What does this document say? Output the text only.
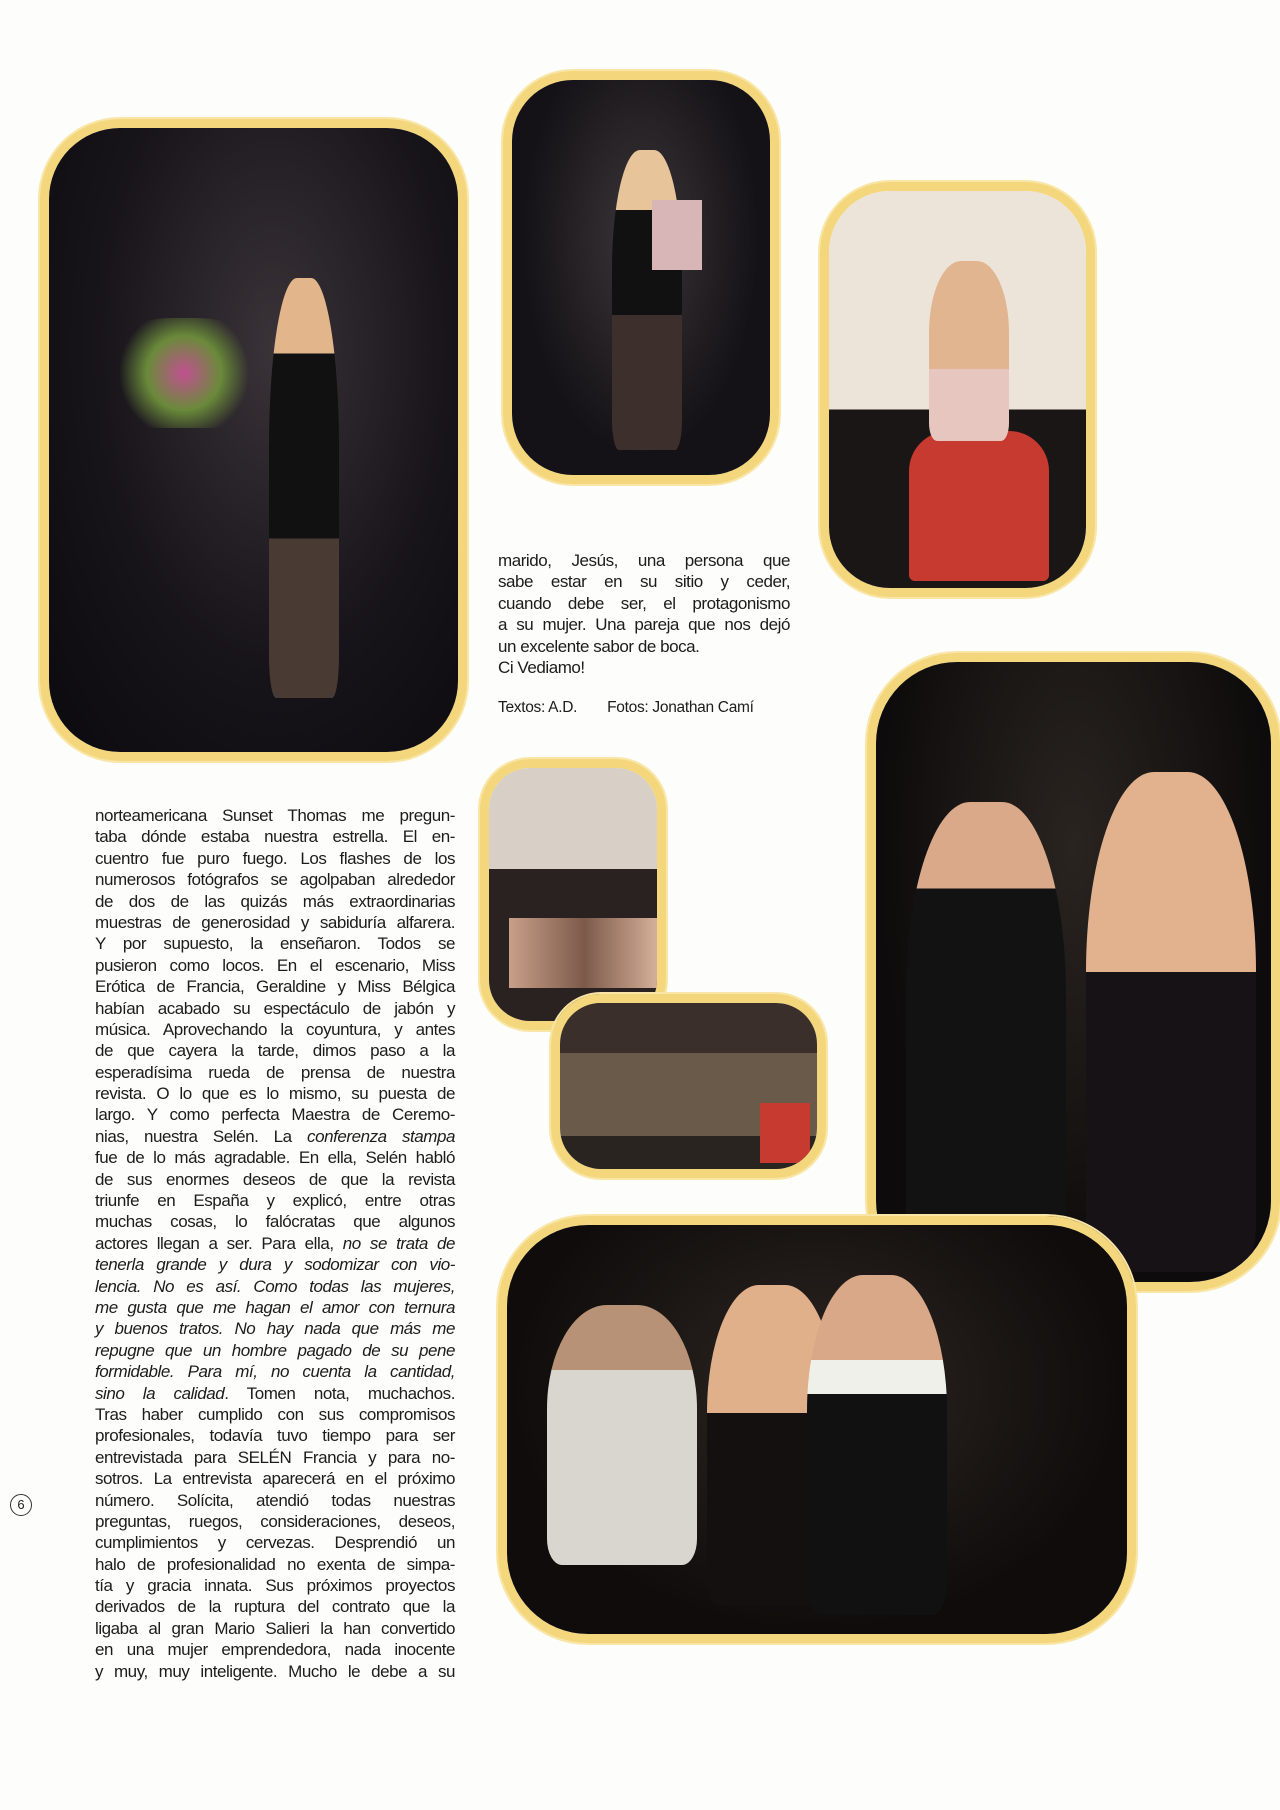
norteamericana Sunset Thomas me pregun-
taba dónde estaba nuestra estrella. El en-
cuentro fue puro fuego. Los flashes de los
numerosos fotógrafos se agolpaban alrededor
de dos de las quizás más extraordinarias
muestras de generosidad y sabiduría alfarera.
Y por supuesto, la enseñaron. Todos se
pusieron como locos. En el escenario, Miss
Erótica de Francia, Geraldine y Miss Bélgica
habían acabado su espectáculo de jabón y
música. Aprovechando la coyuntura, y antes
de que cayera la tarde, dimos paso a la
esperadísima rueda de prensa de nuestra
revista. O lo que es lo mismo, su puesta de
largo. Y como perfecta Maestra de Ceremo-
nias, nuestra Selén. La conferenza stampa
fue de lo más agradable. En ella, Selén habló
de sus enormes deseos de que la revista
triunfe en España y explicó, entre otras
muchas cosas, lo falócratas que algunos
actores llegan a ser. Para ella, no se trata de
tenerla grande y dura y sodomizar con vio-
lencia. No es así. Como todas las mujeres,
me gusta que me hagan el amor con ternura
y buenos tratos. No hay nada que más me
repugne que un hombre pagado de su pene
formidable. Para mí, no cuenta la cantidad,
sino la calidad. Tomen nota, muchachos.
Tras haber cumplido con sus compromisos
profesionales, todavía tuvo tiempo para ser
entrevistada para SELÉN Francia y para no-
sotros. La entrevista aparecerá en el próximo
número. Solícita, atendió todas nuestras
preguntas, ruegos, consideraciones, deseos,
cumplimientos y cervezas. Desprendió un
halo de profesionalidad no exenta de simpa-
tía y gracia innata. Sus próximos proyectos
derivados de la ruptura del contrato que la
ligaba al gran Mario Salieri la han convertido
en una mujer emprendedora, nada inocente
y muy, muy inteligente. Mucho le debe a su
marido, Jesús, una persona que
sabe estar en su sitio y ceder,
cuando debe ser, el protagonismo
a su mujer. Una pareja que nos dejó
un excelente sabor de boca.
Ci Vediamo!
Textos: A.D. Fotos: Jonathan Camí
6
